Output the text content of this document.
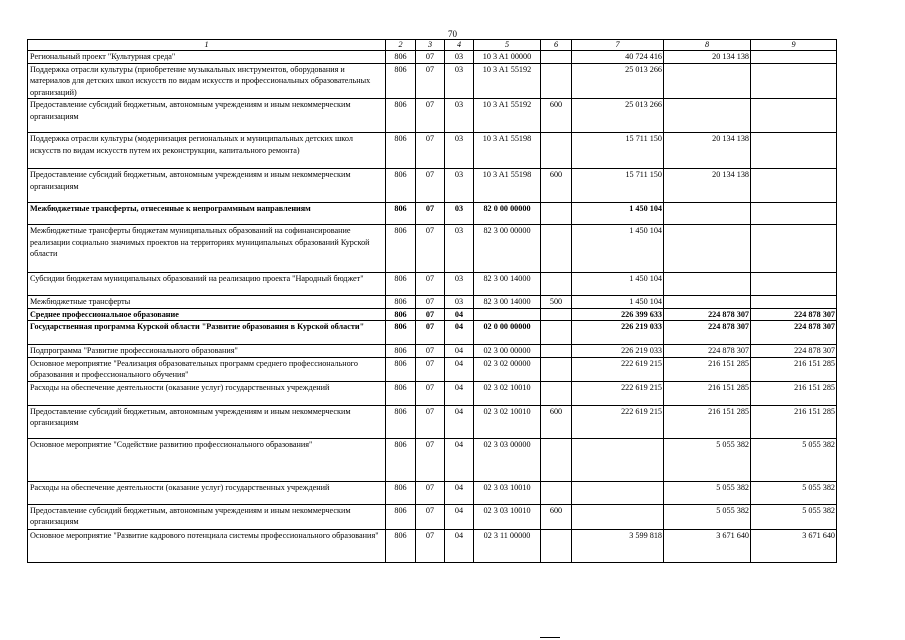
70
1	2	3	4	5	6	7	8	9
Региональный проект "Культурная среда"	806	07	03	10 3 A1 00000		40 724 416	20 134 138	
Поддержка отрасли культуры (приобретение музыкальных инструментов, оборудования и материалов для детских школ искусств по видам искусств и профессиональных образовательных организаций)	806	07	03	10 3 A1 55192		25 013 266		
Предоставление субсидий бюджетным, автономным учреждениям и иным некоммерческим организациям	806	07	03	10 3 A1 55192	600	25 013 266		
Поддержка отрасли культуры (модернизация региональных и муниципальных детских школ искусств по видам искусств путем их реконструкции, капитального ремонта)	806	07	03	10 3 A1 55198		15 711 150	20 134 138	
Предоставление субсидий бюджетным, автономным учреждениям и иным некоммерческим организациям	806	07	03	10 3 A1 55198	600	15 711 150	20 134 138	
Межбюджетные трансферты, отнесенные к непрограммным направлениям	806	07	03	82 0 00 00000		1 450 104		
Межбюджетные трансферты бюджетам муниципальных образований на софинансирование реализации социально значимых проектов на территориях муниципальных образований Курской области	806	07	03	82 3 00 00000		1 450 104		
Субсидии бюджетам муниципальных образований на реализацию проекта "Народный бюджет"	806	07	03	82 3 00 14000		1 450 104		
Межбюджетные трансферты	806	07	03	82 3 00 14000	500	1 450 104		
Среднее профессиональное образование	806	07	04			226 399 633	224 878 307	224 878 307
Государственная программа Курской области "Развитие образования в Курской области"	806	07	04	02 0 00 00000		226 219 033	224 878 307	224 878 307
Подпрограмма "Развитие профессионального образования"	806	07	04	02 3 00 00000		226 219 033	224 878 307	224 878 307
Основное мероприятие "Реализация образовательных программ среднего профессионального образования и профессионального обучения"	806	07	04	02 3 02 00000		222 619 215	216 151 285	216 151 285
Расходы на обеспечение деятельности (оказание услуг) государственных учреждений	806	07	04	02 3 02 10010		222 619 215	216 151 285	216 151 285
Предоставление субсидий бюджетным, автономным учреждениям и иным некоммерческим организациям	806	07	04	02 3 02 10010	600	222 619 215	216 151 285	216 151 285
Основное мероприятие "Содействие развитию профессионального образования"	806	07	04	02 3 03 00000			5 055 382	5 055 382
Расходы на обеспечение деятельности (оказание услуг) государственных учреждений	806	07	04	02 3 03 10010			5 055 382	5 055 382
Предоставление субсидий бюджетным, автономным учреждениям и иным некоммерческим организациям	806	07	04	02 3 03 10010	600		5 055 382	5 055 382
Основное мероприятие "Развитие кадрового потенциала системы профессионального образования"	806	07	04	02 3 11 00000		3 599 818	3 671 640	3 671 640
